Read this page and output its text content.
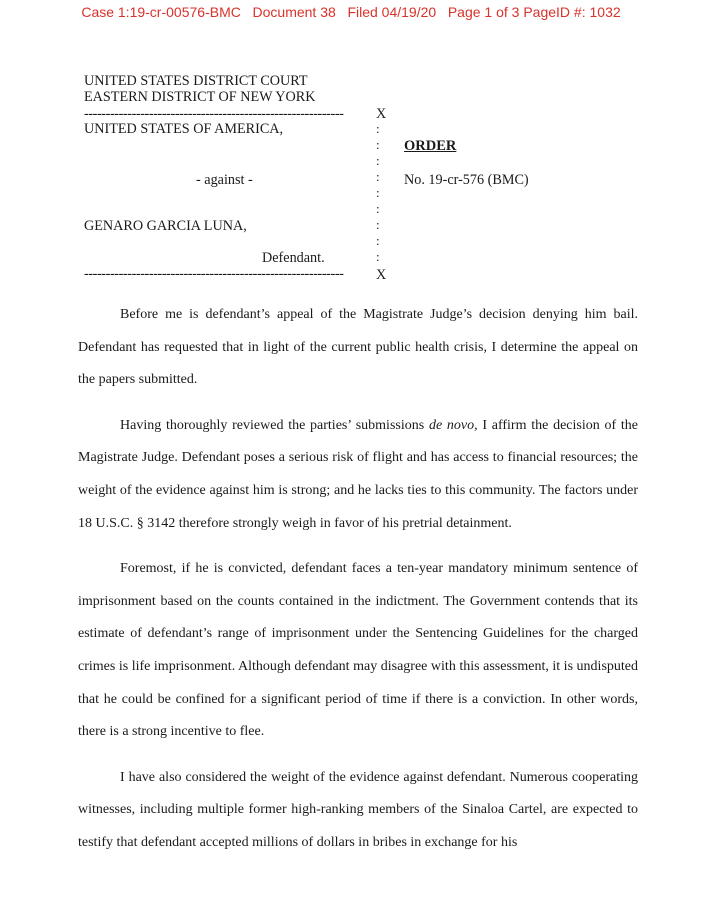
Case 1:19-cr-00576-BMC   Document 38   Filed 04/19/20   Page 1 of 3 PageID #: 1032
UNITED STATES DISTRICT COURT
EASTERN DISTRICT OF NEW YORK
------------------------------------------------------------ X
UNITED STATES OF AMERICA,
- against -
GENARO GARCIA LUNA,
Defendant.
------------------------------------------------------------ X
:
:
:
:
:
:
:
:
:
ORDER
No. 19-cr-576 (BMC)

Before me is defendant’s appeal of the Magistrate Judge’s decision denying him bail. Defendant has requested that in light of the current public health crisis, I determine the appeal on the papers submitted.

Having thoroughly reviewed the parties’ submissions de novo, I affirm the decision of the Magistrate Judge. Defendant poses a serious risk of flight and has access to financial resources; the weight of the evidence against him is strong; and he lacks ties to this community. The factors under 18 U.S.C. § 3142 therefore strongly weigh in favor of his pretrial detainment.

Foremost, if he is convicted, defendant faces a ten-year mandatory minimum sentence of imprisonment based on the counts contained in the indictment. The Government contends that its estimate of defendant’s range of imprisonment under the Sentencing Guidelines for the charged crimes is life imprisonment. Although defendant may disagree with this assessment, it is undisputed that he could be confined for a significant period of time if there is a conviction. In other words, there is a strong incentive to flee.

I have also considered the weight of the evidence against defendant. Numerous cooperating witnesses, including multiple former high-ranking members of the Sinaloa Cartel, are expected to testify that defendant accepted millions of dollars in bribes in exchange for his
